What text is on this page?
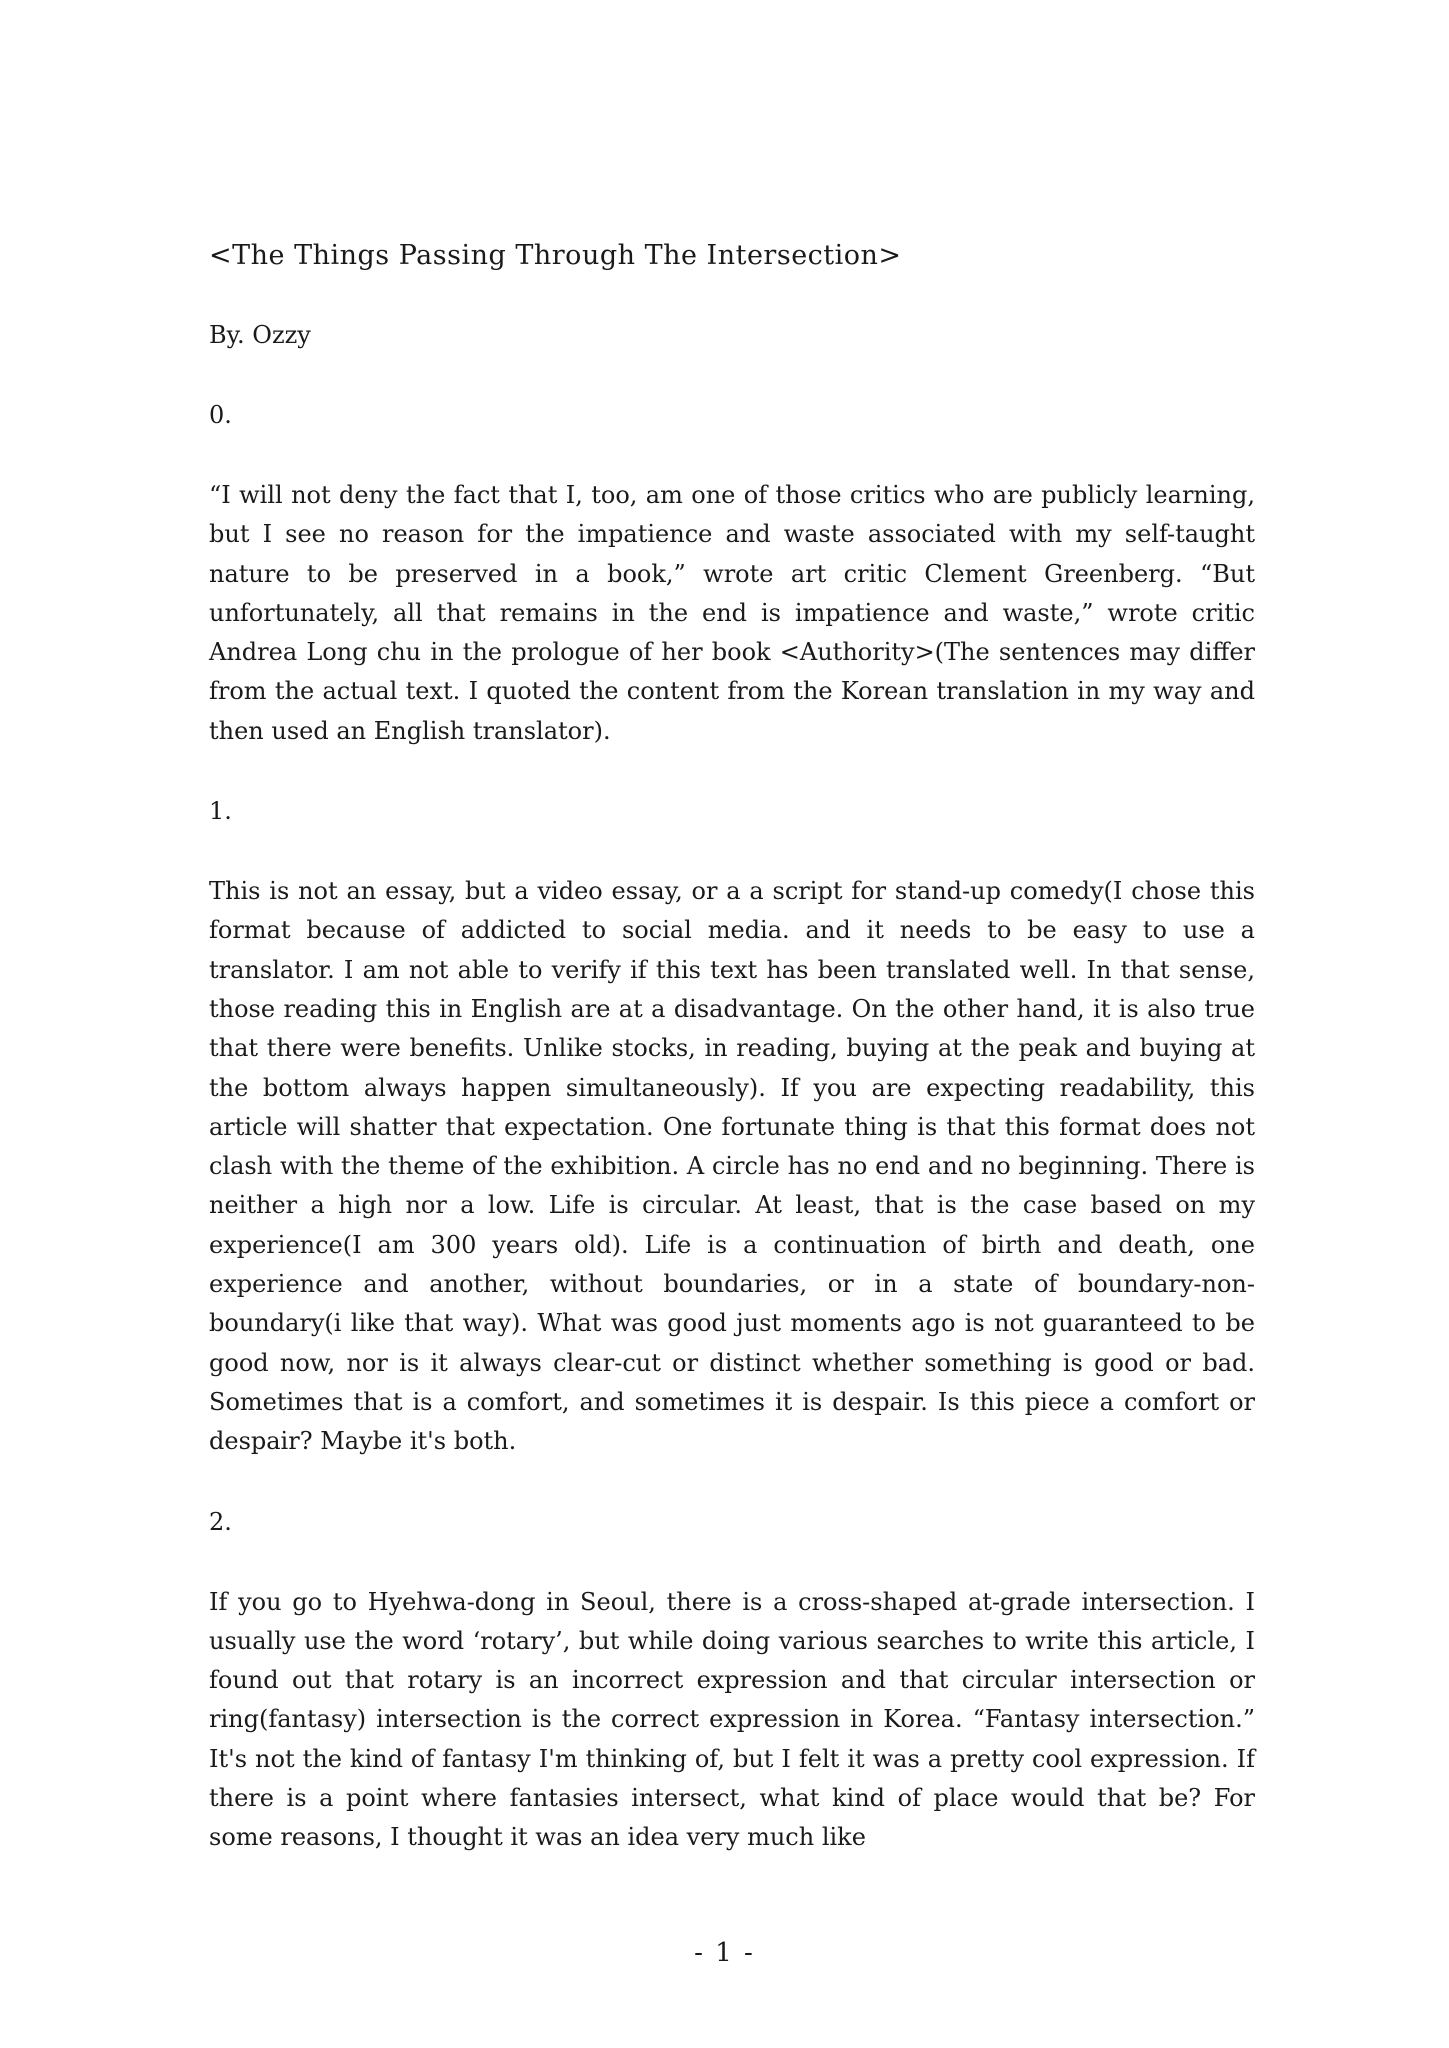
<The Things Passing Through The Intersection>

By. Ozzy

0.

“I will not deny the fact that I, too, am one of those critics who are publicly learning, but I see no reason for the impatience and waste associated with my self-taught nature to be preserved in a book,” wrote art critic Clement Greenberg. “But unfortunately, all that remains in the end is impatience and waste,” wrote critic Andrea Long chu in the prologue of her book <Authority>(The sentences may differ from the actual text. I quoted the content from the Korean translation in my way and then used an English translator).

1.

This is not an essay, but a video essay, or a a script for stand-up comedy(I chose this format because of addicted to social media. and it needs to be easy to use a translator. I am not able to verify if this text has been translated well. In that sense, those reading this in English are at a disadvantage. On the other hand, it is also true that there were benefits. Unlike stocks, in reading, buying at the peak and buying at the bottom always happen simultaneously). If you are expecting readability, this article will shatter that expectation. One fortunate thing is that this format does not clash with the theme of the exhibition. A circle has no end and no beginning. There is neither a high nor a low. Life is circular. At least, that is the case based on my experience(I am 300 years old). Life is a continuation of birth and death, one experience and another, without boundaries, or in a state of boundary-non-boundary(i like that way). What was good just moments ago is not guaranteed to be good now, nor is it always clear-cut or distinct whether something is good or bad. Sometimes that is a comfort, and sometimes it is despair. Is this piece a comfort or despair? Maybe it's both.

2.

If you go to Hyehwa-dong in Seoul, there is a cross-shaped at-grade intersection. I usually use the word ‘rotary’, but while doing various searches to write this article, I found out that rotary is an incorrect expression and that circular intersection or ring(fantasy) intersection is the correct expression in Korea. “Fantasy intersection.” It's not the kind of fantasy I'm thinking of, but I felt it was a pretty cool expression. If there is a point where fantasies intersect, what kind of place would that be? For some reasons, I thought it was an idea very much like

- 1 -
